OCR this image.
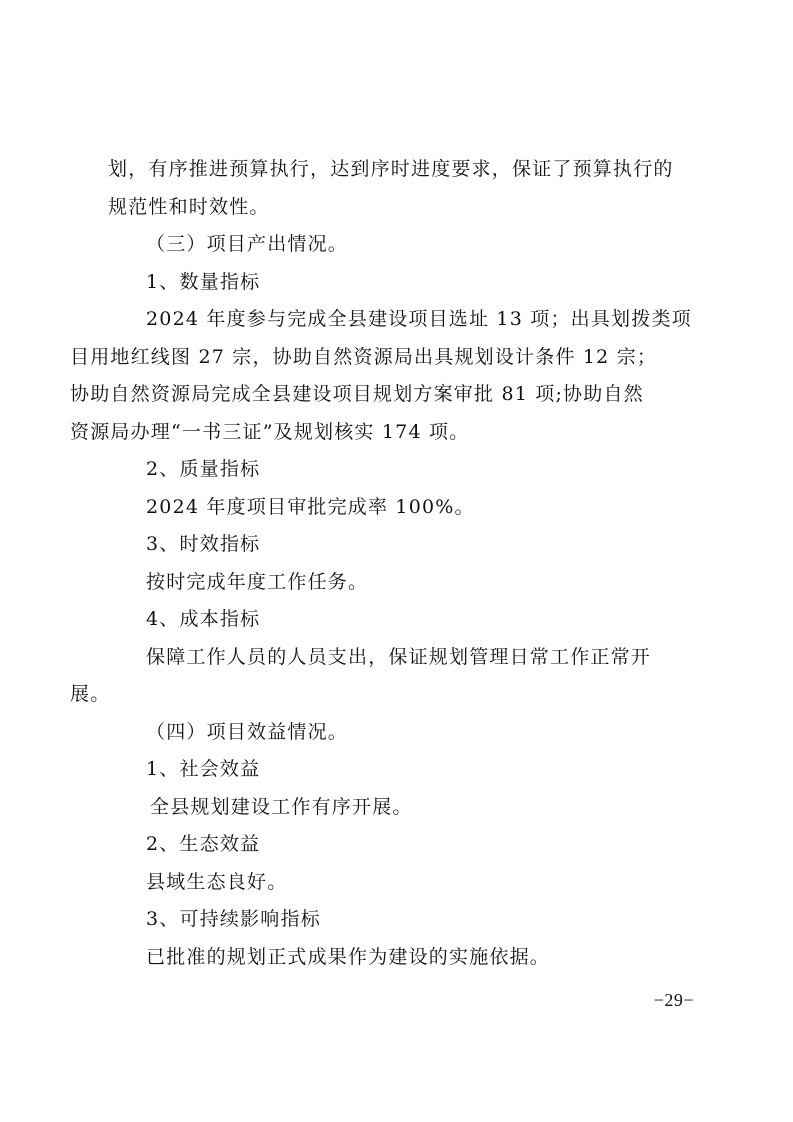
划，有序推进预算执行，达到序时进度要求，保证了预算执行的
规范性和时效性。

（三）项目产出情况。

1、数量指标

2024 年度参与完成全县建设项目选址 13 项；出具划拨类项
目用地红线图 27 宗，协助自然资源局出具规划设计条件 12 宗；
协助自然资源局完成全县建设项目规划方案审批 81 项;协助自然
资源局办理“一书三证”及规划核实 174 项。

2、质量指标

2024 年度项目审批完成率 100%。

3、时效指标

按时完成年度工作任务。

4、成本指标

保障工作人员的人员支出，保证规划管理日常工作正常开
展。

（四）项目效益情况。

1、社会效益

全县规划建设工作有序开展。

2、生态效益

县域生态良好。

3、可持续影响指标

已批准的规划正式成果作为建设的实施依据。

−29−
